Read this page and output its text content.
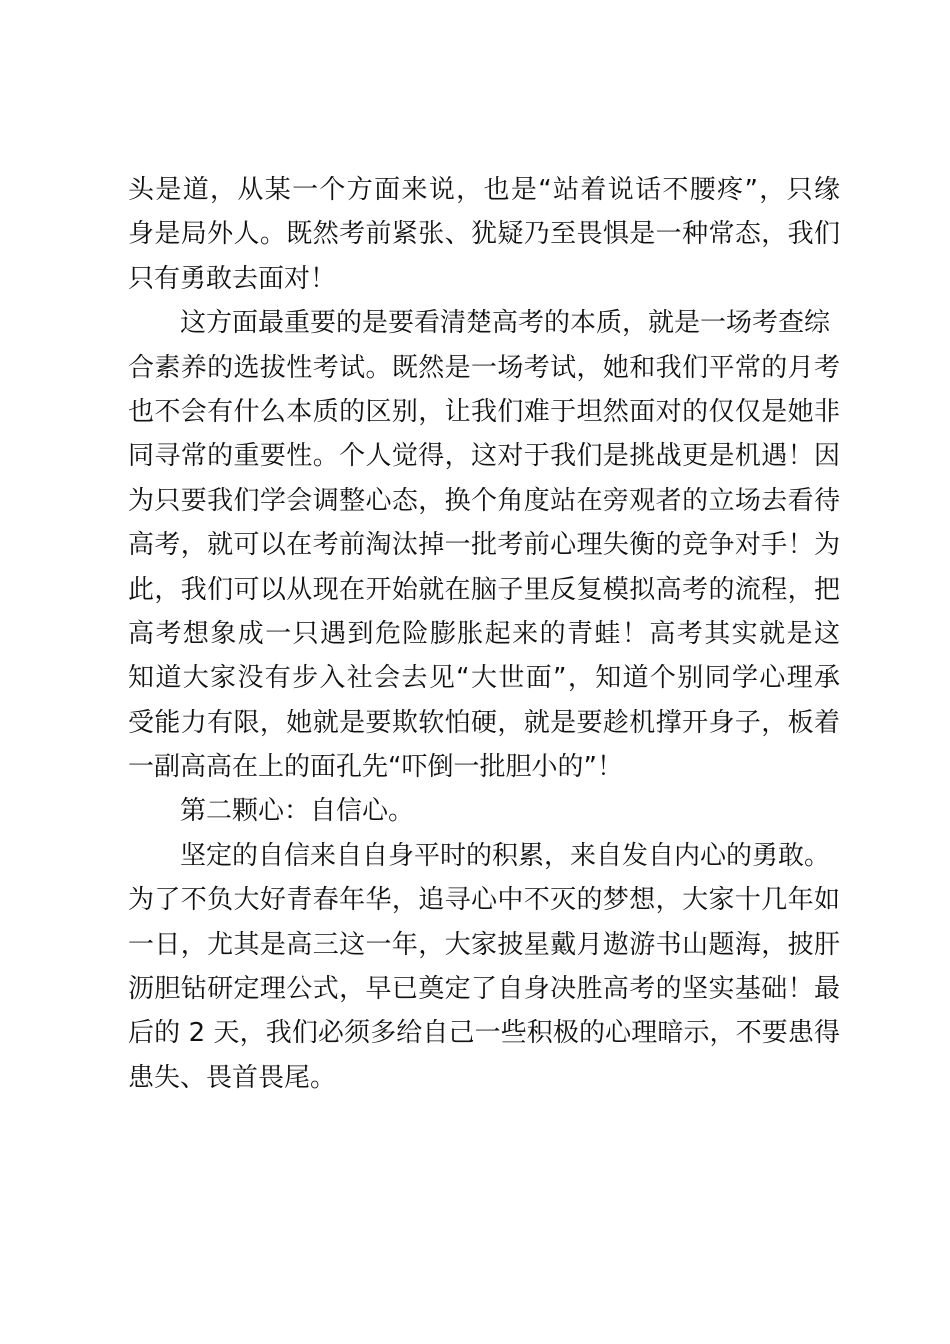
头是道，从某一个方面来说，也是“站着说话不腰疼”，只缘
身是局外人。既然考前紧张、犹疑乃至畏惧是一种常态，我们
只有勇敢去面对！
这方面最重要的是要看清楚高考的本质，就是一场考查综
合素养的选拔性考试。既然是一场考试，她和我们平常的月考
也不会有什么本质的区别，让我们难于坦然面对的仅仅是她非
同寻常的重要性。个人觉得，这对于我们是挑战更是机遇！因
为只要我们学会调整心态，换个角度站在旁观者的立场去看待
高考，就可以在考前淘汰掉一批考前心理失衡的竞争对手！为
此，我们可以从现在开始就在脑子里反复模拟高考的流程，把
高考想象成一只遇到危险膨胀起来的青蛙！高考其实就是这
知道大家没有步入社会去见“大世面”，知道个别同学心理承
受能力有限，她就是要欺软怕硬，就是要趁机撑开身子，板着
一副高高在上的面孔先“吓倒一批胆小的”！
第二颗心：自信心。
坚定的自信来自自身平时的积累，来自发自内心的勇敢。
为了不负大好青春年华，追寻心中不灭的梦想，大家十几年如
一日，尤其是高三这一年，大家披星戴月遨游书山题海，披肝
沥胆钻研定理公式，早已奠定了自身决胜高考的坚实基础！最
后的 2 天，我们必须多给自己一些积极的心理暗示，不要患得
患失、畏首畏尾。
